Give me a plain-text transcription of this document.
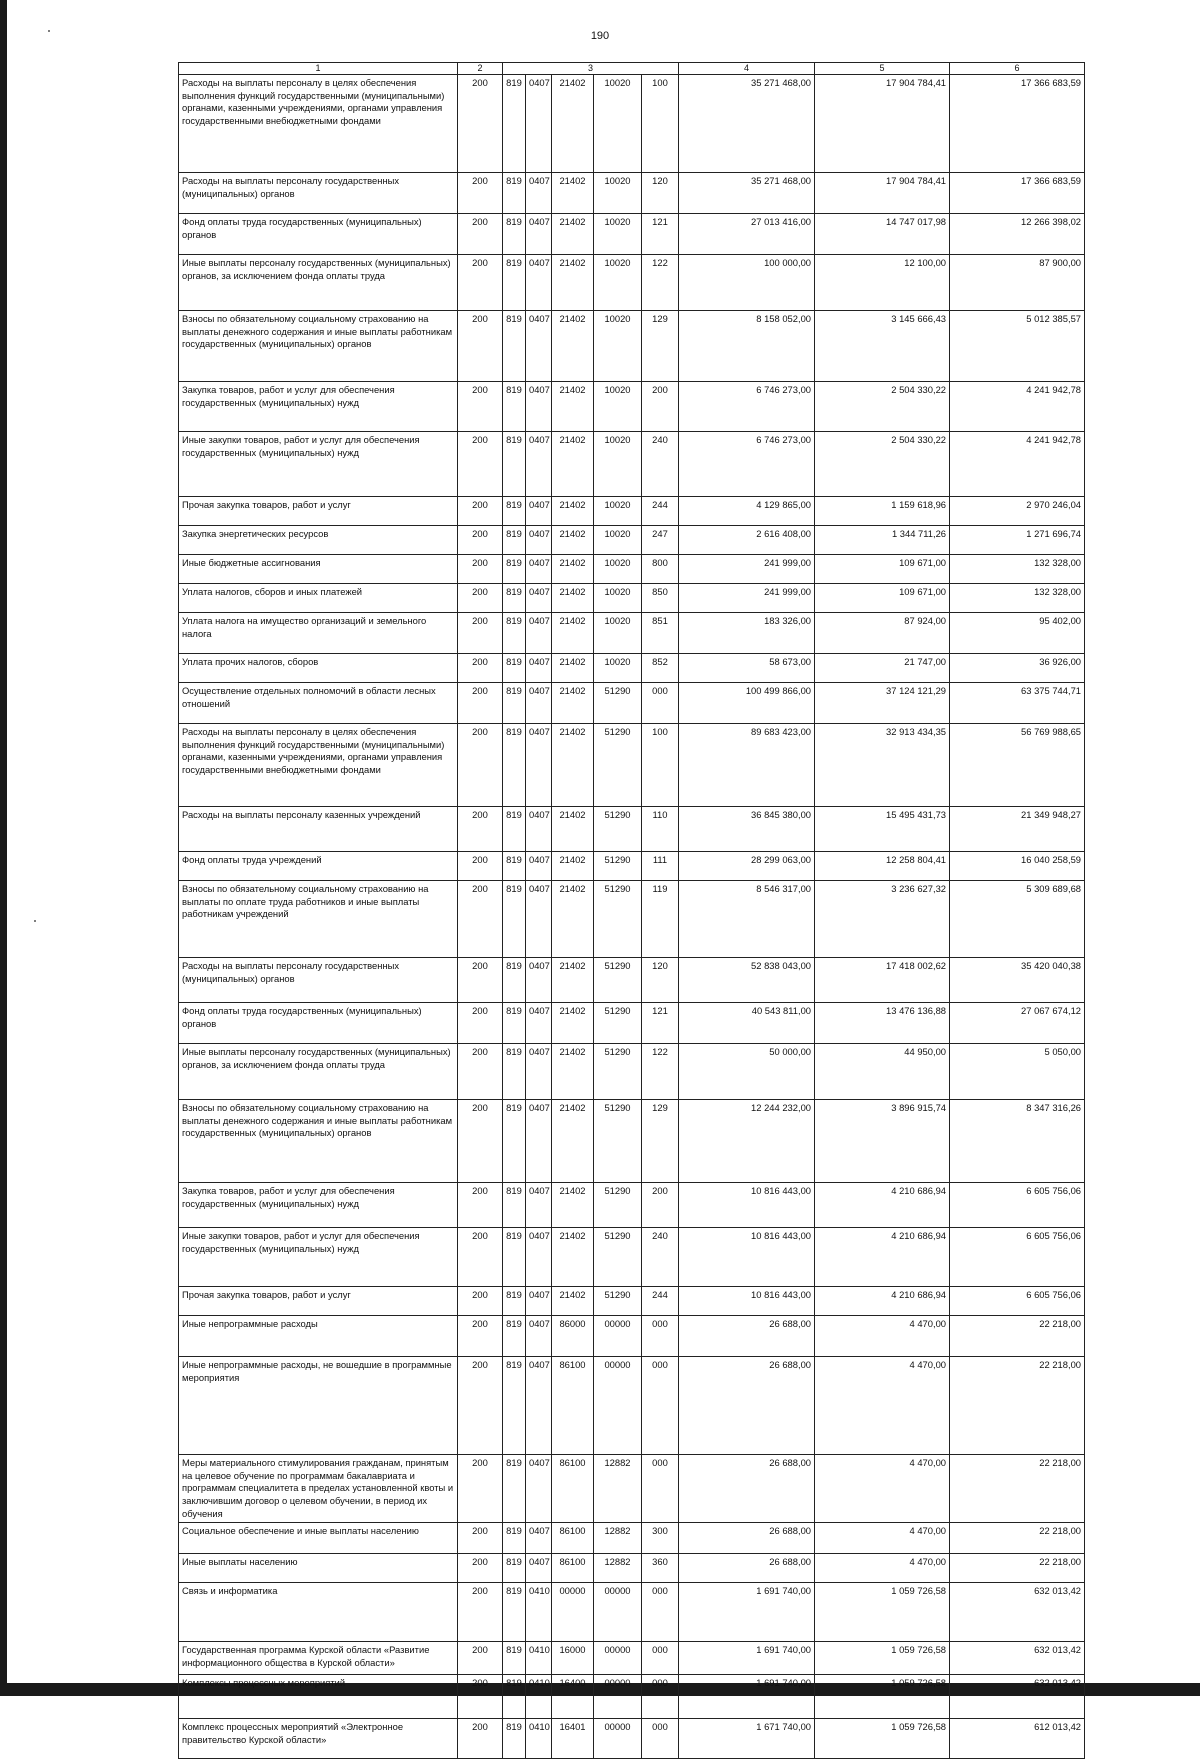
190
1	2	3					4	5	6
Расходы на выплаты персоналу в целях обеспечения выполнения функций государственными (муниципальными) органами, казенными учреждениями, органами управления государственными внебюджетными фондами	200	819	0407	21402	10020	100	35 271 468,00	17 904 784,41	17 366 683,59
Расходы на выплаты персоналу государственных (муниципальных) органов	200	819	0407	21402	10020	120	35 271 468,00	17 904 784,41	17 366 683,59
Фонд оплаты труда государственных (муниципальных) органов	200	819	0407	21402	10020	121	27 013 416,00	14 747 017,98	12 266 398,02
Иные выплаты персоналу государственных (муниципальных) органов, за исключением фонда оплаты труда	200	819	0407	21402	10020	122	100 000,00	12 100,00	87 900,00
Взносы по обязательному социальному страхованию на выплаты денежного содержания и иные выплаты работникам государственных (муниципальных) органов	200	819	0407	21402	10020	129	8 158 052,00	3 145 666,43	5 012 385,57
Закупка товаров, работ и услуг для обеспечения государственных (муниципальных) нужд	200	819	0407	21402	10020	200	6 746 273,00	2 504 330,22	4 241 942,78
Иные закупки товаров, работ и услуг для обеспечения государственных (муниципальных) нужд	200	819	0407	21402	10020	240	6 746 273,00	2 504 330,22	4 241 942,78
Прочая закупка товаров, работ и услуг	200	819	0407	21402	10020	244	4 129 865,00	1 159 618,96	2 970 246,04
Закупка энергетических ресурсов	200	819	0407	21402	10020	247	2 616 408,00	1 344 711,26	1 271 696,74
Иные бюджетные ассигнования	200	819	0407	21402	10020	800	241 999,00	109 671,00	132 328,00
Уплата налогов, сборов и иных платежей	200	819	0407	21402	10020	850	241 999,00	109 671,00	132 328,00
Уплата налога на имущество организаций и земельного налога	200	819	0407	21402	10020	851	183 326,00	87 924,00	95 402,00
Уплата прочих налогов, сборов	200	819	0407	21402	10020	852	58 673,00	21 747,00	36 926,00
Осуществление отдельных полномочий в области лесных отношений	200	819	0407	21402	51290	000	100 499 866,00	37 124 121,29	63 375 744,71
Расходы на выплаты персоналу в целях обеспечения выполнения функций государственными (муниципальными) органами, казенными учреждениями, органами управления государственными внебюджетными фондами	200	819	0407	21402	51290	100	89 683 423,00	32 913 434,35	56 769 988,65
Расходы на выплаты персоналу казенных учреждений	200	819	0407	21402	51290	110	36 845 380,00	15 495 431,73	21 349 948,27
Фонд оплаты труда учреждений	200	819	0407	21402	51290	111	28 299 063,00	12 258 804,41	16 040 258,59
Взносы по обязательному социальному страхованию на выплаты по оплате труда работников и иные выплаты работникам учреждений	200	819	0407	21402	51290	119	8 546 317,00	3 236 627,32	5 309 689,68
Расходы на выплаты персоналу государственных (муниципальных) органов	200	819	0407	21402	51290	120	52 838 043,00	17 418 002,62	35 420 040,38
Фонд оплаты труда государственных (муниципальных) органов	200	819	0407	21402	51290	121	40 543 811,00	13 476 136,88	27 067 674,12
Иные выплаты персоналу государственных (муниципальных) органов, за исключением фонда оплаты труда	200	819	0407	21402	51290	122	50 000,00	44 950,00	5 050,00
Взносы по обязательному социальному страхованию на выплаты денежного содержания и иные выплаты работникам государственных (муниципальных) органов	200	819	0407	21402	51290	129	12 244 232,00	3 896 915,74	8 347 316,26
Закупка товаров, работ и услуг для обеспечения государственных (муниципальных) нужд	200	819	0407	21402	51290	200	10 816 443,00	4 210 686,94	6 605 756,06
Иные закупки товаров, работ и услуг для обеспечения государственных (муниципальных) нужд	200	819	0407	21402	51290	240	10 816 443,00	4 210 686,94	6 605 756,06
Прочая закупка товаров, работ и услуг	200	819	0407	21402	51290	244	10 816 443,00	4 210 686,94	6 605 756,06
Иные непрограммные расходы	200	819	0407	86000	00000	000	26 688,00	4 470,00	22 218,00
Иные непрограммные расходы, не вошедшие в программные мероприятия	200	819	0407	86100	00000	000	26 688,00	4 470,00	22 218,00
Меры материального стимулирования гражданам, принятым на целевое обучение по программам бакалавриата и программам специалитета в пределах установленной квоты и заключившим договор о целевом обучении, в период их обучения	200	819	0407	86100	12882	000	26 688,00	4 470,00	22 218,00
Социальное обеспечение и иные выплаты населению	200	819	0407	86100	12882	300	26 688,00	4 470,00	22 218,00
Иные выплаты населению	200	819	0407	86100	12882	360	26 688,00	4 470,00	22 218,00
Связь и информатика	200	819	0410	00000	00000	000	1 691 740,00	1 059 726,58	632 013,42
Государственная программа Курской области «Развитие информационного общества в Курской области»	200	819	0410	16000	00000	000	1 691 740,00	1 059 726,58	632 013,42
Комплексы процессных мероприятий	200	819	0410	16400	00000	000	1 691 740,00	1 059 726,58	632 013,42
Комплекс процессных мероприятий «Электронное правительство Курской области»	200	819	0410	16401	00000	000	1 671 740,00	1 059 726,58	612 013,42
